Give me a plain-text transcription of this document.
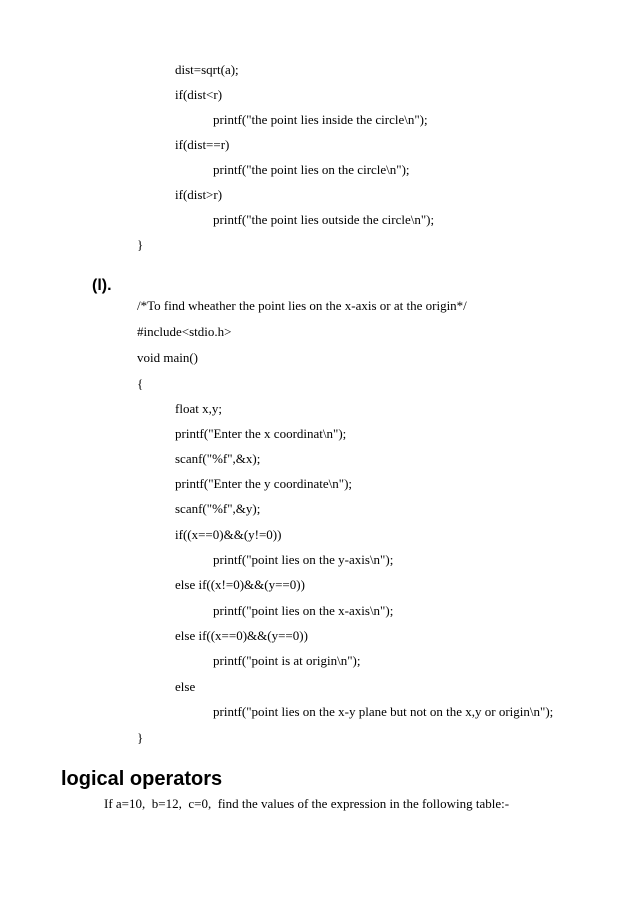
dist=sqrt(a);
if(dist<r)
printf("the point lies inside the circle\n");
if(dist==r)
printf("the point lies on the circle\n");
if(dist>r)
printf("the point lies outside the circle\n");
}
(l).
/*To find wheather the point lies on the x-axis or at the origin*/
#include<stdio.h>
void main()
{
float x,y;
printf("Enter the x coordinat\n");
scanf("%f",&x);
printf("Enter the y coordinate\n");
scanf("%f",&y);
if((x==0)&&(y!=0))
printf("point lies on the y-axis\n");
else if((x!=0)&&(y==0))
printf("point lies on the x-axis\n");
else if((x==0)&&(y==0))
printf("point is at origin\n");
else
printf("point lies on the x-y plane but not on the x,y or origin\n");
}
logical operators
If a=10,  b=12,  c=0,  find the values of the expression in the following table:-
